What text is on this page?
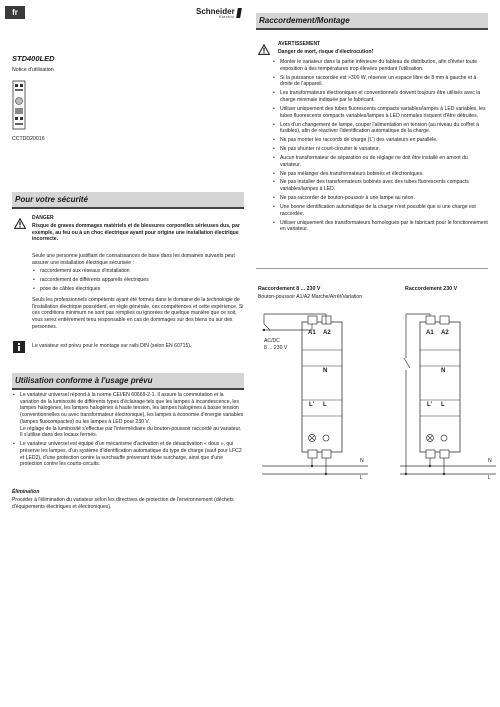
fr	Schneider
Electric
STD400LED
Notice d'utilisation
CCTDD20016
Pour votre sécurité
DANGER
Risque de graves dommages matériels et de blessures corporelles sérieuses dus, par exemple, au feu ou à un choc électrique ayant pour origine une installation électrique incorrecte.
Seule une personne justifiant de connaissances de base dans les domaines suivants peut assurer une installation électrique sécurisée :
• raccordement aux réseaux d'installation
• raccordement de différents appareils électriques
• pose de câbles électriques
Seuls les professionnels compétents ayant été formés dans le domaine de la technologie de l'installation électrique possèdent, en règle générale, ces compétences et cette expérience. Si ces conditions minimum ne sont pas remplies ou ignorées de quelque manière que ce soit, vous serez entièrement tenu responsable en cas de dommages sur des biens ou sur des personnes.
Le variateur est prévu pour le montage sur rails DIN (selon EN 60715).
Utilisation conforme à l'usage prévu
• Le variateur universel répond à la norme CEI/EN 60669-2-1. Il assure la commutation et la variation de la luminosité de différents types d'éclairage tels que les lampes à incandescence, les lampes halogènes, les lampes halogènes à haute tension, les lampes halogènes à basse tension (conventionnelles ou avec transformateur électronique), les lampes à économie d'énergie variables (lampes fluocompactes) ou les lampes à LED pour 230 V.
Le réglage de la luminosité s'effectue par l'intermédiaire du bouton-poussoir raccordé au variateur. Il s'utilise dans des locaux fermés.
• Le variateur universel est équipé d'un mécanisme d'activation et de désactivation « doux », qui préserve les lampes, d'un système d'identification automatique du type de charge (sauf pour LFC2 et LED2), d'une protection contre la surchauffe prévenant toute surcharge, ainsi que d'une protection contre les courts-circuits.
Élimination
Procéder à l'élimination du variateur selon les directives de protection de l'environnement (déchets d'équipements électriques et électroniques).
Raccordement/Montage
AVERTISSEMENT
Danger de mort, risque d'électrocution!
• Monter le variateur dans la partie inférieure du tableau de distribution, afin d'éviter toute exposition à des températures trop élevées pendant l'utilisation.
• Si la puissance raccordée est >300 W, réserver un espace libre de 8 mm à gauche et à droite de l'appareil.
• Les transformateurs électroniques et conventionnels doivent toujours être utilisés avec la charge minimale indiquée par le fabricant.
• Utiliser uniquement des tubes fluorescents compacts variables/lampes à LED variables, les tubes fluorescents compacts variables/lampes à LED normales risquent d'être détruites.
• Lors d'un changement de lampe, couper l'alimentation en tension (au niveau du coffret à fusibles), afin de réactiver l'identification automatique de la charge.
• Ne pas monter les raccords de charge (L') des variateurs en parallèle.
• Ne pas shunter ni court-circuiter le variateur.
• Aucun transformateur de séparation ou de réglage ne doit être installé en amont du variateur.
• Ne pas mélanger des transformateurs bobinés et électroniques.
• Ne pas installer des transformateurs bobinés avec des tubes fluorescents compacts variables/lampes à LED.
• Ne pas raccorder de bouton-poussoir à une lampe au néon.
• Une bonne identification automatique de la charge n'est possible que si une charge est raccordée.
• Utiliser uniquement des transformateurs homologués par le fabricant pour le fonctionnement en variateur.
Raccordement 8 ... 230 V
Bouton-poussoir A1/A2 Marche/Arrêt/Variation
Raccordement 230 V
AC/DC
8 ... 230 V
A1 A2
N
L' L
N
L
A1 A2
N
L' L
N
L
